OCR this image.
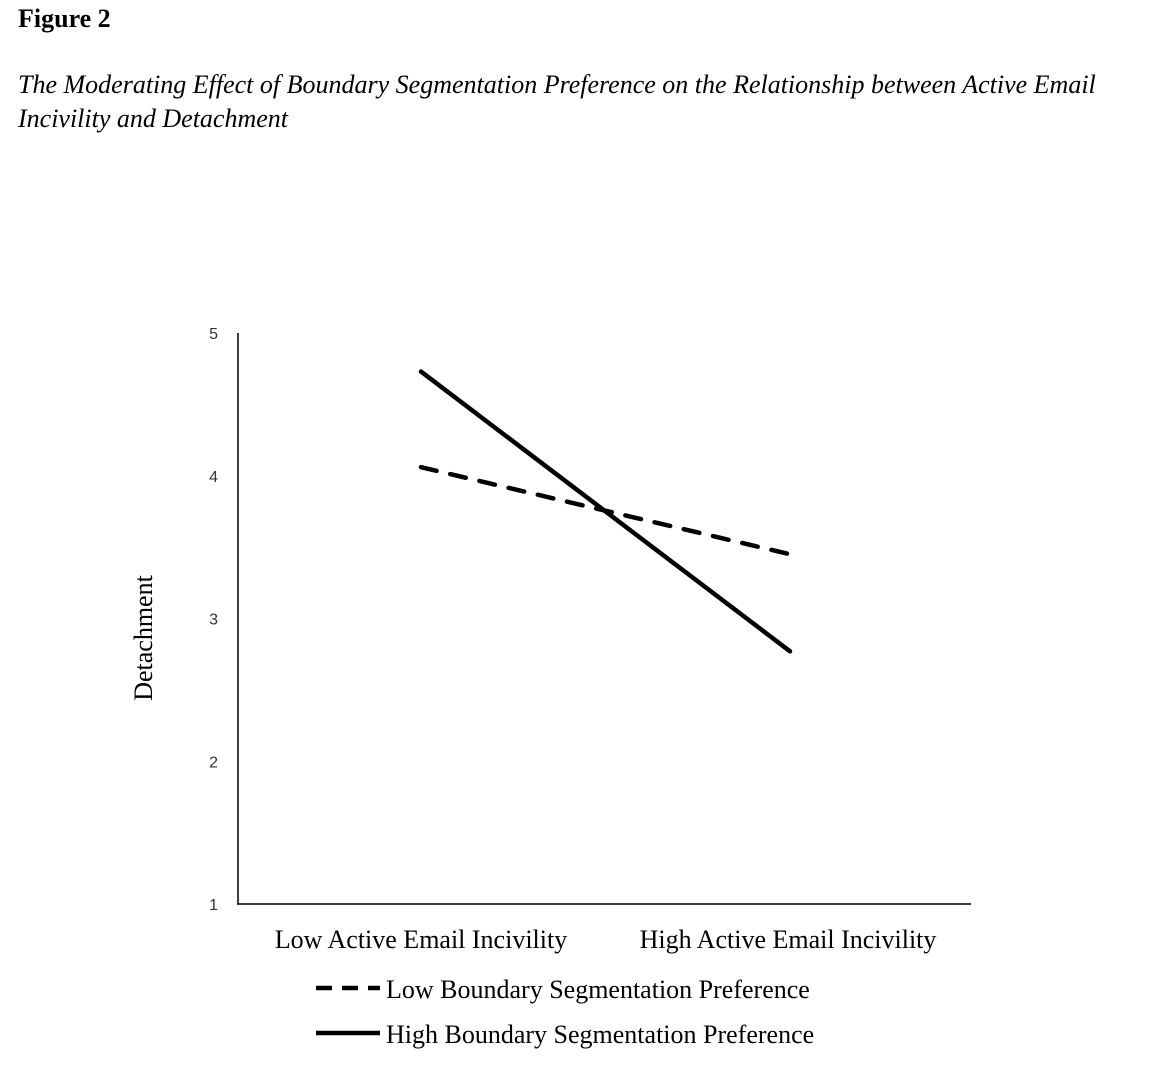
Figure 2
The Moderating Effect of Boundary Segmentation Preference on the Relationship between Active Email Incivility and Detachment
1
2
3
4
5
Detachment
Low Active Email Incivility	High Active Email Incivility
Low Boundary Segmentation Preference
High Boundary Segmentation Preference
